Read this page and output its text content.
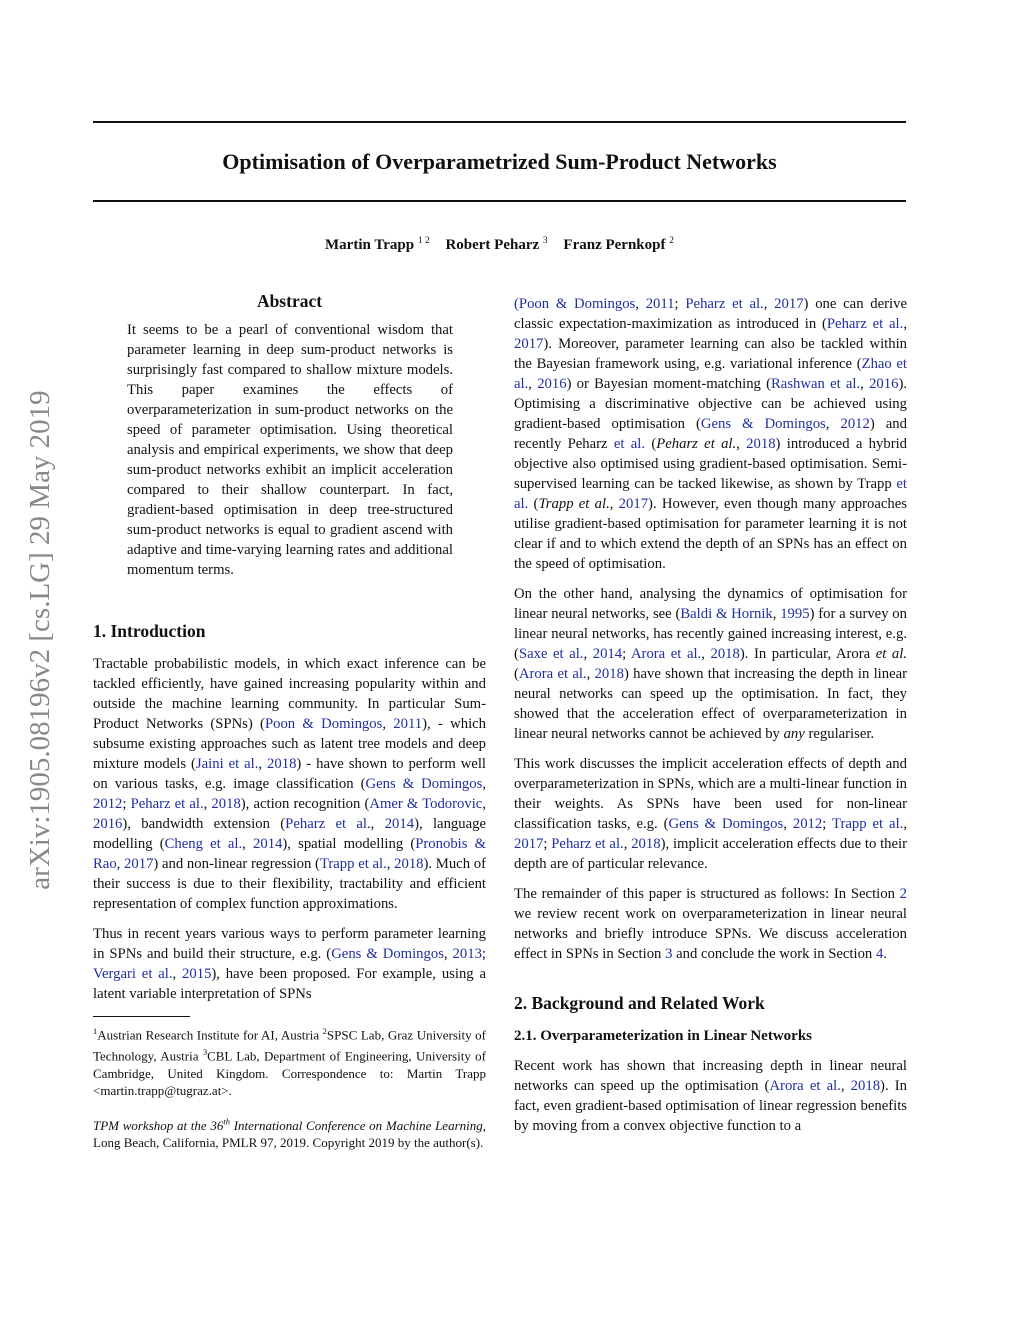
Optimisation of Overparametrized Sum-Product Networks
Martin Trapp $^{1 2}$ Robert Peharz $^3$ Franz Pernkopf $^2$
arXiv:1905.08196v2 [cs.LG] 29 May 2019
Abstract

It seems to be a pearl of conventional wisdom that parameter learning in deep sum-product networks is surprisingly fast compared to shallow mixture models. This paper examines the effects of overparameterization in sum-product networks on the speed of parameter optimisation. Using theoretical analysis and empirical experiments, we show that deep sum-product networks exhibit an implicit acceleration compared to their shallow counterpart. In fact, gradient-based optimisation in deep tree-structured sum-product networks is equal to gradient ascend with adaptive and time-varying learning rates and additional momentum terms.

1. Introduction

Tractable probabilistic models, in which exact inference can be tackled efficiently, have gained increasing popularity within and outside the machine learning community. In particular Sum-Product Networks (SPNs) (Poon & Domingos, 2011), - which subsume existing approaches such as latent tree models and deep mixture models (Jaini et al., 2018) - have shown to perform well on various tasks, e.g. image classification (Gens & Domingos, 2012; Peharz et al., 2018), action recognition (Amer & Todorovic, 2016), bandwidth extension (Peharz et al., 2014), language modelling (Cheng et al., 2014), spatial modelling (Pronobis & Rao, 2017) and non-linear regression (Trapp et al., 2018). Much of their success is due to their flexibility, tractability and efficient representation of complex function approximations.

Thus in recent years various ways to perform parameter learning in SPNs and build their structure, e.g. (Gens & Domingos, 2013; Vergari et al., 2015), have been proposed. For example, using a latent variable interpretation of SPNs

$^1$Austrian Research Institute for AI, Austria $^2$SPSC Lab, Graz University of Technology, Austria $^3$CBL Lab, Department of Engineering, University of Cambridge, United Kingdom. Correspondence to: Martin Trapp <martin.trapp@tugraz.at>.

TPM workshop at the 36th International Conference on Machine Learning, Long Beach, California, PMLR 97, 2019. Copyright 2019 by the author(s).

(Poon & Domingos, 2011; Peharz et al., 2017) one can derive classic expectation-maximization as introduced in (Peharz et al., 2017). Moreover, parameter learning can also be tackled within the Bayesian framework using, e.g. variational inference (Zhao et al., 2016) or Bayesian moment-matching (Rashwan et al., 2016). Optimising a discriminative objective can be achieved using gradient-based optimisation (Gens & Domingos, 2012) and recently Peharz et al. (Peharz et al., 2018) introduced a hybrid objective also optimised using gradient-based optimisation. Semi-supervised learning can be tacked likewise, as shown by Trapp et al. (Trapp et al., 2017). However, even though many approaches utilise gradient-based optimisation for parameter learning it is not clear if and to which extend the depth of an SPNs has an effect on the speed of optimisation.

On the other hand, analysing the dynamics of optimisation for linear neural networks, see (Baldi & Hornik, 1995) for a survey on linear neural networks, has recently gained increasing interest, e.g. (Saxe et al., 2014; Arora et al., 2018). In particular, Arora et al. (Arora et al., 2018) have shown that increasing the depth in linear neural networks can speed up the optimisation. In fact, they showed that the acceleration effect of overparameterization in linear neural networks cannot be achieved by any regulariser.

This work discusses the implicit acceleration effects of depth and overparameterization in SPNs, which are a multi-linear function in their weights. As SPNs have been used for non-linear classification tasks, e.g. (Gens & Domingos, 2012; Trapp et al., 2017; Peharz et al., 2018), implicit acceleration effects due to their depth are of particular relevance.

The remainder of this paper is structured as follows: In Section 2 we review recent work on overparameterization in linear neural networks and briefly introduce SPNs. We discuss acceleration effect in SPNs in Section 3 and conclude the work in Section 4.

2. Background and Related Work
2.1. Overparameterization in Linear Networks

Recent work has shown that increasing depth in linear neural networks can speed up the optimisation (Arora et al., 2018). In fact, even gradient-based optimisation of linear regression benefits by moving from a convex objective function to a
